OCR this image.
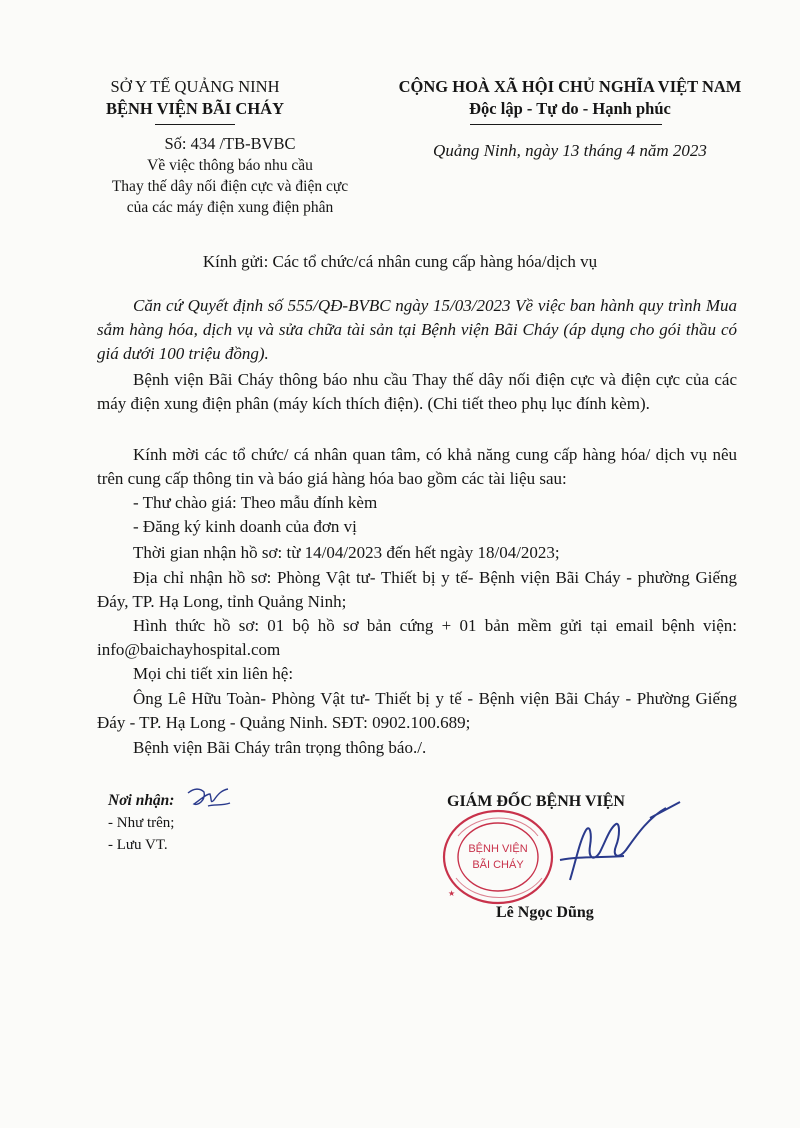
SỞ Y TẾ QUẢNG NINH
BỆNH VIỆN BÃI CHÁY
Số: 434 /TB-BVBC
Về việc thông báo nhu cầu
Thay thế dây nối điện cực và điện cực
của các máy điện xung điện phân
CỘNG HOÀ XÃ HỘI CHỦ NGHĨA VIỆT NAM
Độc lập - Tự do - Hạnh phúc
Quảng Ninh, ngày 13 tháng 4 năm 2023
Kính gửi: Các tổ chức/cá nhân cung cấp hàng hóa/dịch vụ
Căn cứ Quyết định số 555/QĐ-BVBC ngày 15/03/2023 Về việc ban hành quy trình Mua sắm hàng hóa, dịch vụ và sửa chữa tài sản tại Bệnh viện Bãi Cháy (áp dụng cho gói thầu có giá dưới 100 triệu đồng).
Bệnh viện Bãi Cháy thông báo nhu cầu Thay thế dây nối điện cực và điện cực của các máy điện xung điện phân (máy kích thích điện). (Chi tiết theo phụ lục đính kèm).
Kính mời các tổ chức/ cá nhân quan tâm, có khả năng cung cấp hàng hóa/ dịch vụ nêu trên cung cấp thông tin và báo giá hàng hóa bao gồm các tài liệu sau:
- Thư chào giá: Theo mẫu đính kèm
- Đăng ký kinh doanh của đơn vị
Thời gian nhận hồ sơ: từ 14/04/2023 đến hết ngày 18/04/2023;
Địa chỉ nhận hồ sơ: Phòng Vật tư- Thiết bị y tế- Bệnh viện Bãi Cháy - phường Giếng Đáy, TP. Hạ Long, tỉnh Quảng Ninh;
Hình thức hồ sơ: 01 bộ hồ sơ bản cứng + 01 bản mềm gửi tại email bệnh viện: info@baichayhospital.com
Mọi chi tiết xin liên hệ:
Ông Lê Hữu Toàn- Phòng Vật tư- Thiết bị y tế - Bệnh viện Bãi Cháy - Phường Giếng Đáy - TP. Hạ Long - Quảng Ninh. SĐT: 0902.100.689;
Bệnh viện Bãi Cháy trân trọng thông báo./.
Nơi nhận:
- Như trên;
- Lưu VT.
GIÁM ĐỐC BỆNH VIỆN
BỆNH VIỆN
BÃI CHÁY
★
Lê Ngọc Dũng
